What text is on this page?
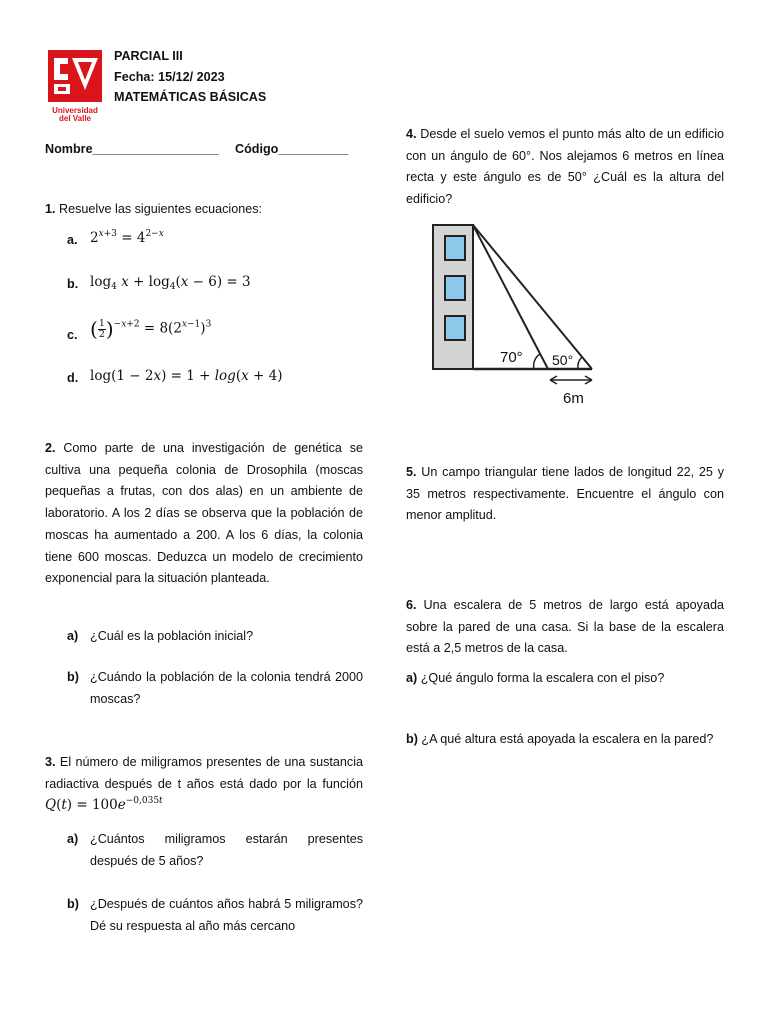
Universidad
del Valle
PARCIAL III
Fecha: 15/12/ 2023
MATEMÁTICAS BÁSICAS
Nombre__________________ Código__________
1. Resuelve las siguientes ecuaciones:
a. $2^{x+3} = 4^{2-x}$
b. $\log_4 x + \log_4(x - 6) = 3$
c. ( $\frac{1}{2} )^{-x+2} = 8(2^{x-1})^3$
d. log(1 − 2x) = 1 + log(x + 4)
2. Como parte de una investigación de genética se cultiva una pequeña colonia de Drosophila (moscas pequeñas a frutas, con dos alas) en un ambiente de laboratorio. A los 2 días se observa que la población de moscas ha aumentado a 200. A los 6 días, la colonia tiene 600 moscas. Deduzca un modelo de crecimiento exponencial para la situación planteada.
a) ¿Cuál es la población inicial?
b) ¿Cuándo la población de la colonia tendrá 2000 moscas?
3. El número de miligramos presentes de una sustancia radiactiva después de t años está dado por la función $Q(t) = 100e^{-0,035t}$
a) ¿Cuántos miligramos estarán presentes después de 5 años?
b) ¿Después de cuántos años habrá 5 miligramos? Dé su respuesta al año más cercano
4. Desde el suelo vemos el punto más alto de un edificio con un ángulo de 60°. Nos alejamos 6 metros en línea recta y este ángulo es de 50° ¿Cuál es la altura del edificio?
70° 50°
6m
5. Un campo triangular tiene lados de longitud 22, 25 y 35 metros respectivamente. Encuentre el ángulo con menor amplitud.
6. Una escalera de 5 metros de largo está apoyada sobre la pared de una casa. Si la base de la escalera está a 2,5 metros de la casa.
a) ¿Qué ángulo forma la escalera con el piso?
b) ¿A qué altura está apoyada la escalera en la pared?
